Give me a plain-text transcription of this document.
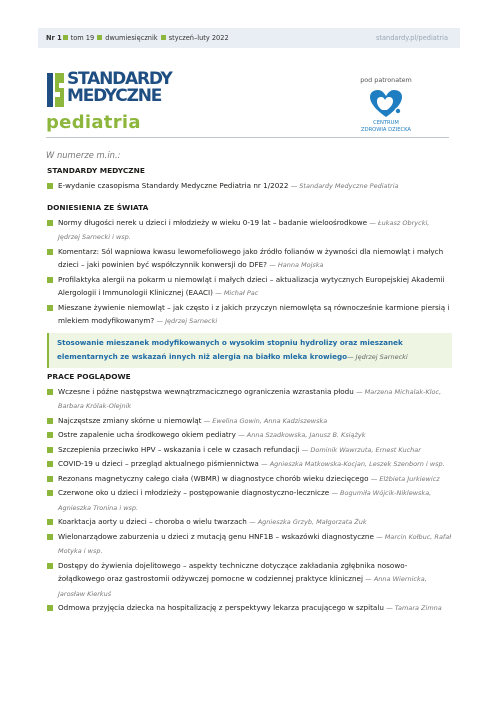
Nr 1 tom 19 dwumiesięcznik styczeń–luty 2022	standardy.pl/pediatria
STANDARDY
MEDYCZNE
pediatria
pod patronatem
CENTRUM
ZDROWIA DZIECKA
W numerze m.in.:
STANDARDY MEDYCZNE
E-wydanie czasopisma Standardy Medyczne Pediatria nr 1/2022 — Standardy Medyczne Pediatria
DONIESIENIA ZE ŚWIATA
Normy długości nerek u dzieci i młodzieży w wieku 0-19 lat – badanie wieloośrodkowe — Łukasz Obrycki, Jędrzej Sarnecki i wsp.
Komentarz: Sól wapniowa kwasu lewomefoliowego jako źródło folianów w żywności dla niemowląt i małych dzieci – jaki powinien być współczynnik konwersji do DFE? — Hanna Mojska
Profilaktyka alergii na pokarm u niemowląt i małych dzieci – aktualizacja wytycznych Europejskiej Akademii Alergologii i Immunologii Klinicznej (EAACI) — Michał Pac
Mieszane żywienie niemowląt – jak często i z jakich przyczyn niemowlęta są równocześnie karmione piersią i mlekiem modyfikowanym? — Jędrzej Sarnecki
Stosowanie mieszanek modyfikowanych o wysokim stopniu hydrolizy oraz mieszanek elementarnych ze wskazań innych niż alergia na białko mleka krowiego— Jędrzej Sarnecki
PRACE POGLĄDOWE
Wczesne i późne następstwa wewnątrzmacicznego ograniczenia wzrastania płodu — Marzena Michalak-Kloc, Barbara Królak-Olejnik
Najczęstsze zmiany skórne u niemowląt — Ewelina Gowin, Anna Kadziszewska
Ostre zapalenie ucha środkowego okiem pediatry — Anna Szadkowska, Janusz B. Książyk
Szczepienia przeciwko HPV – wskazania i cele w czasach refundacji — Dominik Wawrzuta, Ernest Kuchar
COVID-19 u dzieci – przegląd aktualnego piśmiennictwa — Agnieszka Matkowska-Kocjan, Leszek Szenborn i wsp.
Rezonans magnetyczny całego ciała (WBMR) w diagnostyce chorób wieku dziecięcego — Elżbieta Jurkiewicz
Czerwone oko u dzieci i młodzieży – postępowanie diagnostyczno-lecznicze — Bogumiła Wójcik-Niklewska, Agnieszka Tronina i wsp.
Koarktacja aorty u dzieci – choroba o wielu twarzach — Agnieszka Grzyb, Małgorzata Żuk
Wielonarządowe zaburzenia u dzieci z mutacją genu HNF1B – wskazówki diagnostyczne — Marcin Kołbuc, Rafał Motyka i wsp.
Dostępy do żywienia dojelitowego – aspekty techniczne dotyczące zakładania zgłębnika nosowo-żołądkowego oraz gastrostomii odżywczej pomocne w codziennej praktyce klinicznej — Anna Wiernicka, Jarosław Kierkuś
Odmowa przyjęcia dziecka na hospitalizację z perspektywy lekarza pracującego w szpitalu — Tamara Zimna
